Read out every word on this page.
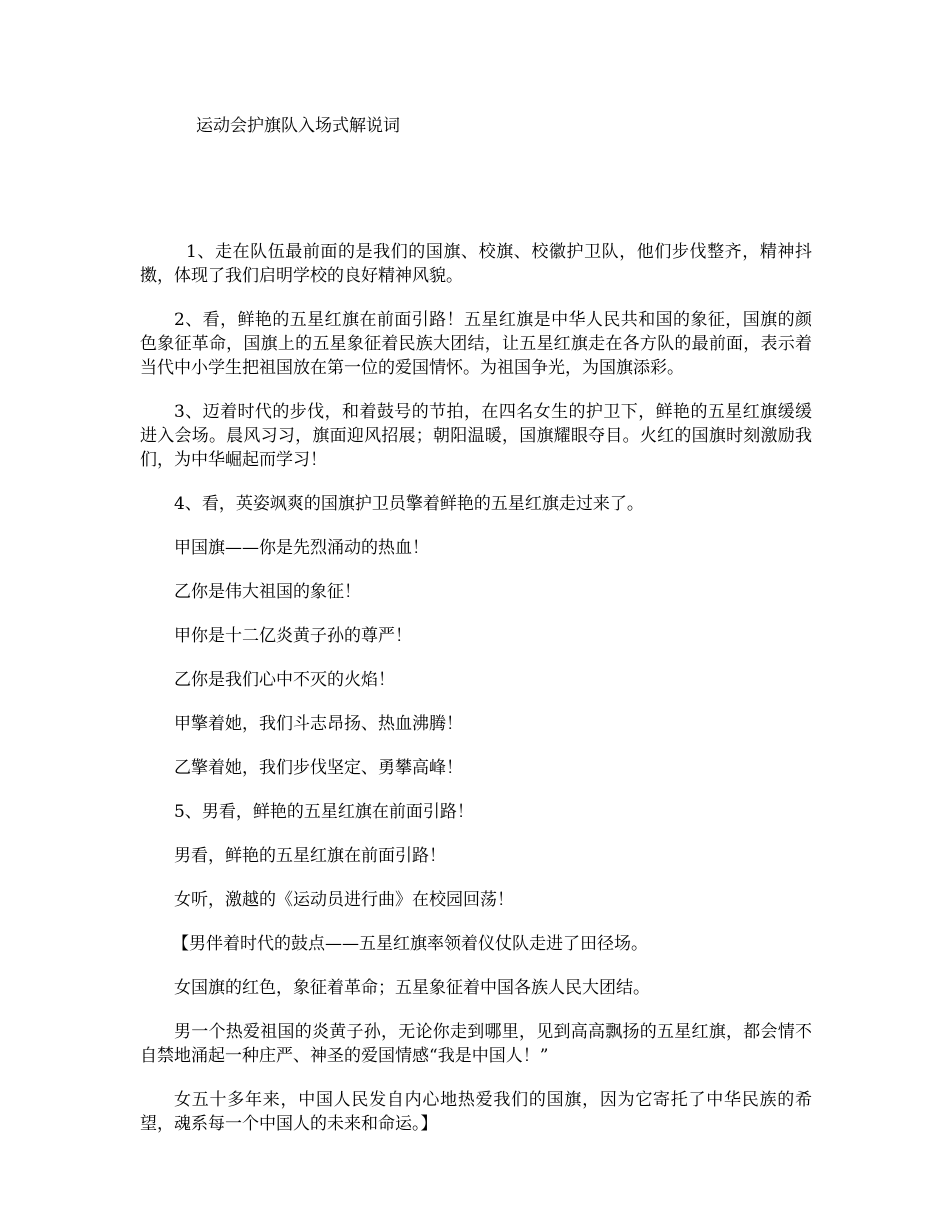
运动会护旗队入场式解说词

1、走在队伍最前面的是我们的国旗、校旗、校徽护卫队，他们步伐整齐，精神抖擞，体现了我们启明学校的良好精神风貌。

2、看，鲜艳的五星红旗在前面引路！五星红旗是中华人民共和国的象征，国旗的颜色象征革命，国旗上的五星象征着民族大团结，让五星红旗走在各方队的最前面，表示着当代中小学生把祖国放在第一位的爱国情怀。为祖国争光，为国旗添彩。

3、迈着时代的步伐，和着鼓号的节拍，在四名女生的护卫下，鲜艳的五星红旗缓缓进入会场。晨风习习，旗面迎风招展；朝阳温暖，国旗耀眼夺目。火红的国旗时刻激励我们，为中华崛起而学习！

4、看，英姿飒爽的国旗护卫员擎着鲜艳的五星红旗走过来了。

甲国旗——你是先烈涌动的热血！

乙你是伟大祖国的象征！

甲你是十二亿炎黄子孙的尊严！

乙你是我们心中不灭的火焰！

甲擎着她，我们斗志昂扬、热血沸腾！

乙擎着她，我们步伐坚定、勇攀高峰！

5、男看，鲜艳的五星红旗在前面引路！

男看，鲜艳的五星红旗在前面引路！

女听，激越的《运动员进行曲》在校园回荡！

【男伴着时代的鼓点——五星红旗率领着仪仗队走进了田径场。

女国旗的红色，象征着革命；五星象征着中国各族人民大团结。

男一个热爱祖国的炎黄子孙，无论你走到哪里，见到高高飘扬的五星红旗，都会情不自禁地涌起一种庄严、神圣的爱国情感“我是中国人！”

女五十多年来，中国人民发自内心地热爱我们的国旗，因为它寄托了中华民族的希望，魂系每一个中国人的未来和命运。】
